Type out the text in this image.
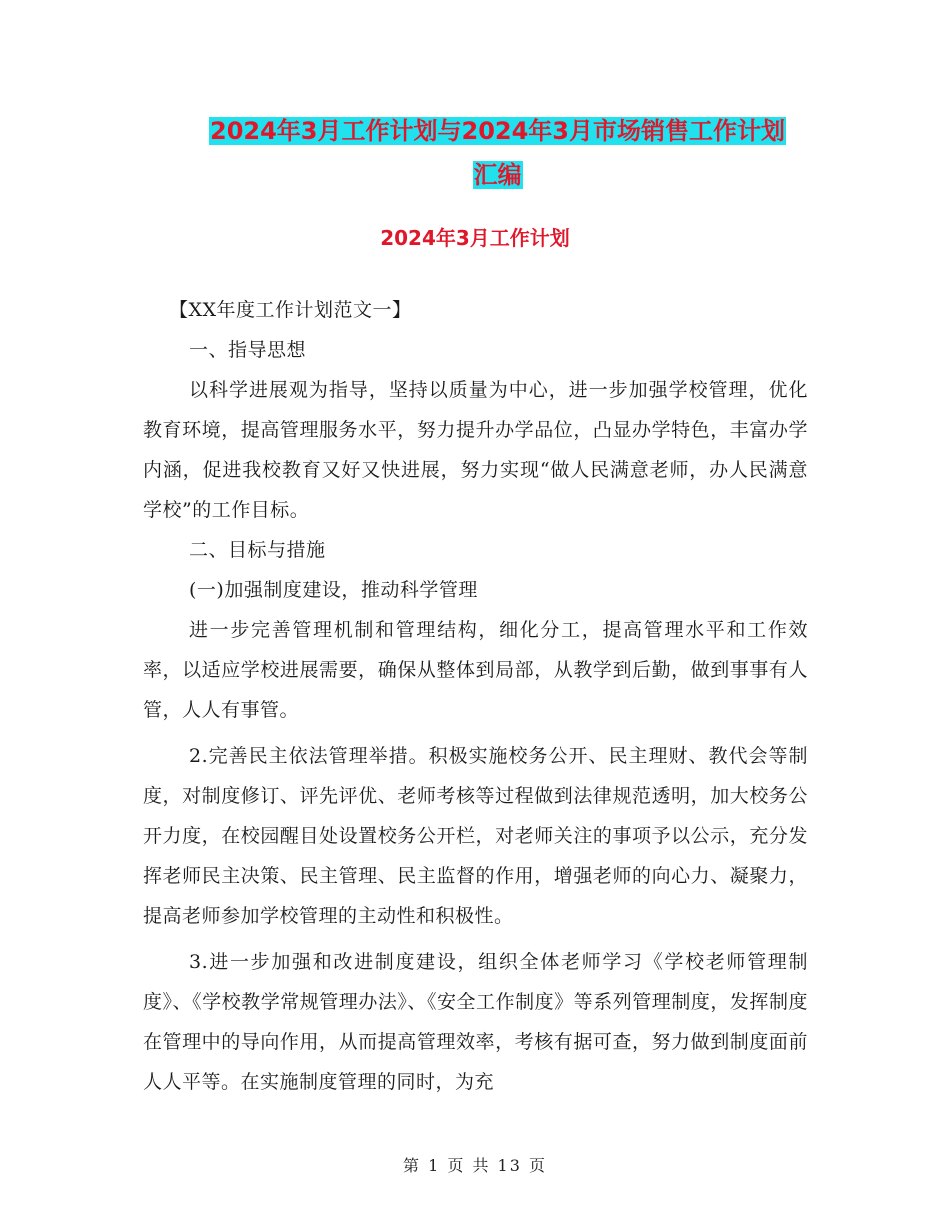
2024年3月工作计划与2024年3月市场销售工作计划
汇编
2024年3月工作计划

【XX年度工作计划范文一】

一、指导思想

以科学进展观为指导，坚持以质量为中心，进一步加强学校管理，优化教育环境，提高管理服务水平，努力提升办学品位，凸显办学特色，丰富办学内涵，促进我校教育又好又快进展，努力实现“做人民满意老师，办人民满意学校”的工作目标。

二、目标与措施

(一)加强制度建设，推动科学管理

进一步完善管理机制和管理结构，细化分工，提高管理水平和工作效率，以适应学校进展需要，确保从整体到局部，从教学到后勤，做到事事有人管，人人有事管。

2.完善民主依法管理举措。积极实施校务公开、民主理财、教代会等制度，对制度修订、评先评优、老师考核等过程做到法律规范透明，加大校务公开力度，在校园醒目处设置校务公开栏，对老师关注的事项予以公示，充分发挥老师民主决策、民主管理、民主监督的作用，增强老师的向心力、凝聚力，提高老师参加学校管理的主动性和积极性。

3.进一步加强和改进制度建设，组织全体老师学习《学校老师管理制度》、《学校教学常规管理办法》、《安全工作制度》等系列管理制度，发挥制度在管理中的导向作用，从而提高管理效率，考核有据可查，努力做到制度面前人人平等。在实施制度管理的同时，为充

第 1 页 共 13 页
